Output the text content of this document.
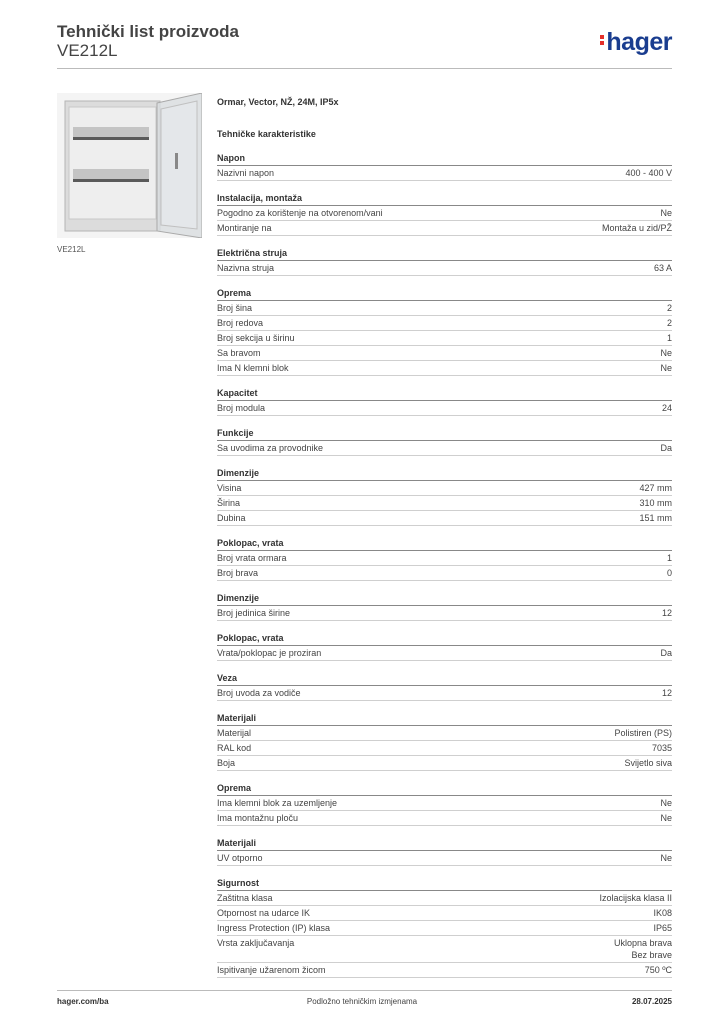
Tehnički list proizvoda
VE212L	hager
VE212L
Ormar, Vector, NŽ, 24M, IP5x
Tehničke karakteristike
Napon
Nazivni napon	400 - 400 V
Instalacija, montaža
Pogodno za korištenje na otvorenom/vani	Ne
Montiranje na	Montaža u zid/PŽ
Električna struja
Nazivna struja	63 A
Oprema
Broj šina	2
Broj redova	2
Broj sekcija u širinu	1
Sa bravom	Ne
Ima N klemni blok	Ne
Kapacitet
Broj modula	24
Funkcije
Sa uvodima za provodnike	Da
Dimenzije
Visina	427 mm
Širina	310 mm
Dubina	151 mm
Poklopac, vrata
Broj vrata ormara	1
Broj brava	0
Dimenzije
Broj jedinica širine	12
Poklopac, vrata
Vrata/poklopac je proziran	Da
Veza
Broj uvoda za vodiče	12
Materijali
Materijal	Polistiren (PS)
RAL kod	7035
Boja	Svijetlo siva
Oprema
Ima klemni blok za uzemljenje	Ne
Ima montažnu ploču	Ne
Materijali
UV otporno	Ne
Sigurnost
Zaštitna klasa	Izolacijska klasa II
Otpornost na udarce IK	IK08
Ingress Protection (IP) klasa	IP65
Vrsta zaključavanja	Uklopna brava
Bez brave
Ispitivanje užarenom žicom	750 ºC
hager.com/ba	Podložno tehničkim izmjenama	28.07.2025
